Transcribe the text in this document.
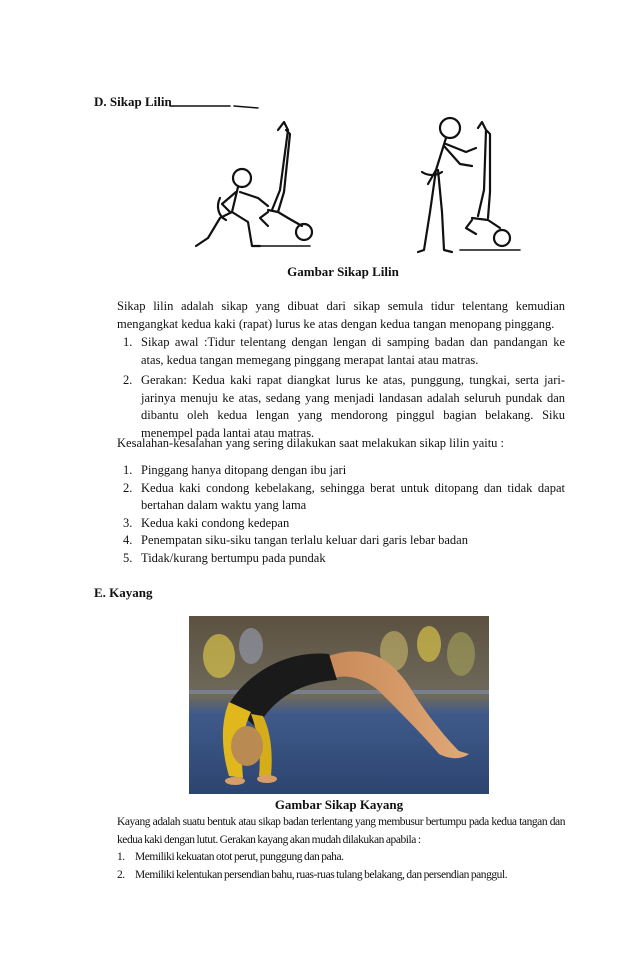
D. Sikap Lilin
Gambar Sikap Lilin
Sikap lilin adalah sikap yang dibuat dari sikap semula tidur telentang kemudian mengangkat kedua kaki (rapat) lurus ke atas dengan kedua tangan menopang pinggang.
1. Sikap awal :Tidur telentang dengan lengan di samping badan dan pandangan ke atas, kedua tangan memegang pinggang merapat lantai atau matras.
2. Gerakan: Kedua kaki rapat diangkat lurus ke atas, punggung, tungkai, serta jari-jarinya menuju ke atas, sedang yang menjadi landasan adalah seluruh pundak dan dibantu oleh kedua lengan yang mendorong pinggul bagian belakang. Siku menempel pada lantai atau matras.
Kesalahan-kesalahan yang sering dilakukan saat melakukan sikap lilin yaitu :
1. Pinggang hanya ditopang dengan ibu jari
2. Kedua kaki condong kebelakang, sehingga berat untuk ditopang dan tidak dapat bertahan dalam waktu yang lama
3. Kedua kaki condong kedepan
4. Penempatan siku-siku tangan terlalu keluar dari garis lebar badan
5. Tidak/kurang bertumpu pada pundak
E. Kayang
Gambar Sikap Kayang
Kayang adalah suatu bentuk atau sikap badan terlentang yang membusur bertumpu pada kedua tangan dan kedua kaki dengan lutut. Gerakan kayang akan mudah dilakukan apabila :
1. Memiliki kekuatan otot perut, punggung dan paha.
2. Memiliki kelentukan persendian bahu, ruas-ruas tulang belakang, dan persendian panggul.
